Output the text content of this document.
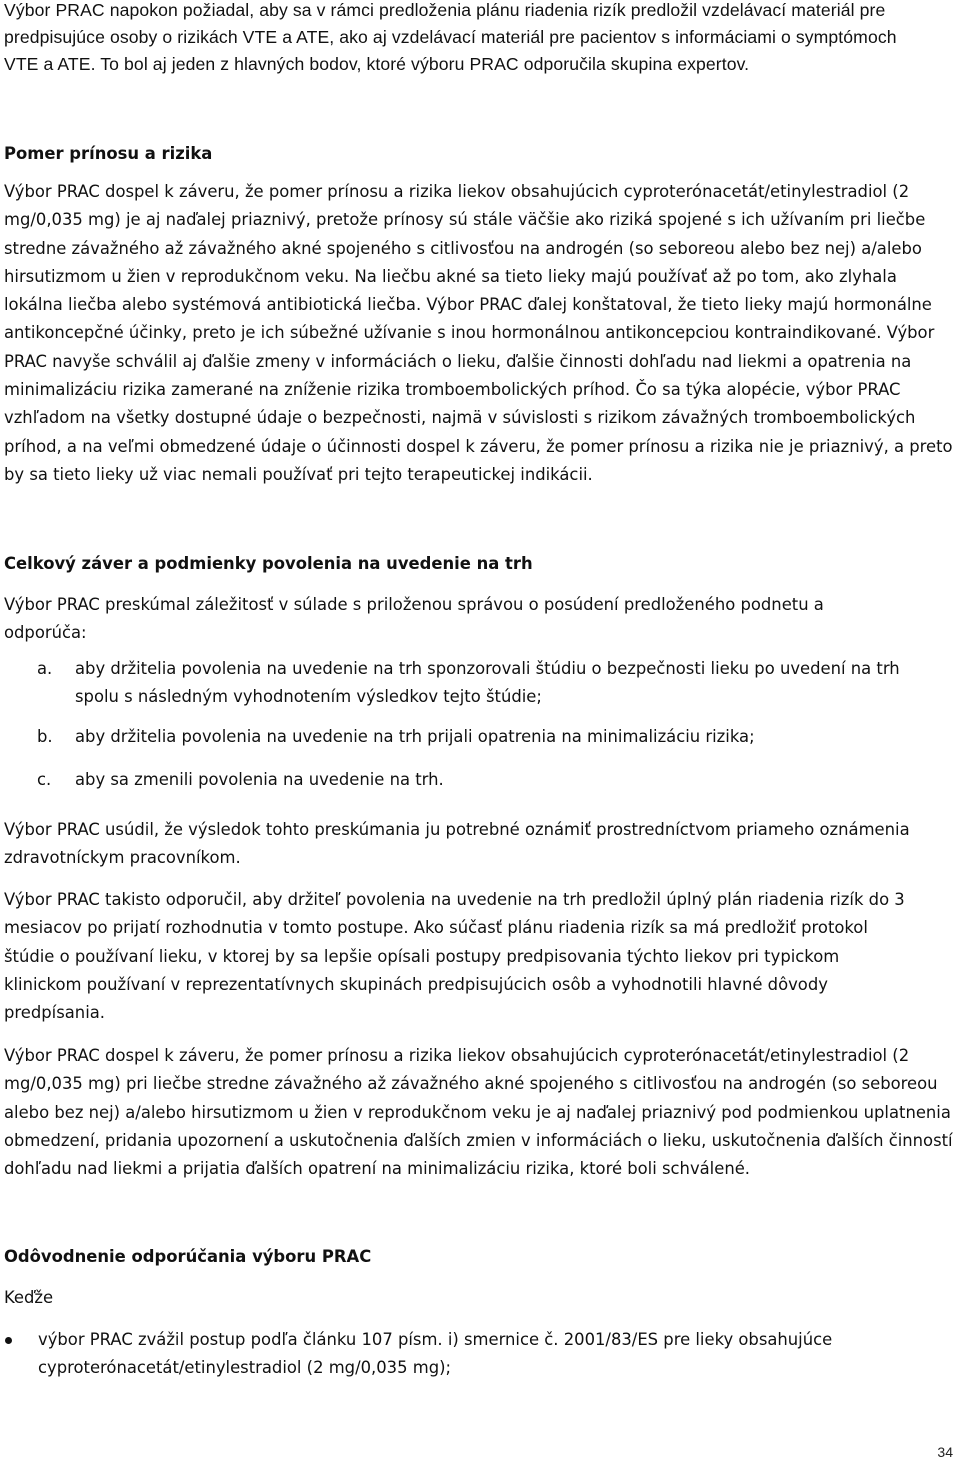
Výbor PRAC napokon požiadal, aby sa v rámci predloženia plánu riadenia rizík predložil vzdelávací materiál pre predpisujúce osoby o rizikách VTE a ATE, ako aj vzdelávací materiál pre pacientov s informáciami o symptómoch VTE a ATE. To bol aj jeden z hlavných bodov, ktoré výboru PRAC odporučila skupina expertov.

Pomer prínosu a rizika

Výbor PRAC dospel k záveru, že pomer prínosu a rizika liekov obsahujúcich cyproterónacetát/etinylestradiol (2 mg/0,035 mg) je aj naďalej priaznivý, pretože prínosy sú stále väčšie ako riziká spojené s ich užívaním pri liečbe stredne závažného až závažného akné spojeného s citlivosťou na androgén (so seboreou alebo bez nej) a/alebo hirsutizmom u žien v reprodukčnom veku. Na liečbu akné sa tieto lieky majú používať až po tom, ako zlyhala lokálna liečba alebo systémová antibiotická liečba. Výbor PRAC ďalej konštatoval, že tieto lieky majú hormonálne antikoncepčné účinky, preto je ich súbežné užívanie s inou hormonálnou antikoncepciou kontraindikované. Výbor PRAC navyše schválil aj ďalšie zmeny v informáciách o lieku, ďalšie činnosti dohľadu nad liekmi a opatrenia na minimalizáciu rizika zamerané na zníženie rizika tromboembolických príhod. Čo sa týka alopécie, výbor PRAC vzhľadom na všetky dostupné údaje o bezpečnosti, najmä v súvislosti s rizikom závažných tromboembolických príhod, a na veľmi obmedzené údaje o účinnosti dospel k záveru, že pomer prínosu a rizika nie je priaznivý, a preto by sa tieto lieky už viac nemali používať pri tejto terapeutickej indikácii.

Celkový záver a podmienky povolenia na uvedenie na trh

Výbor PRAC preskúmal záležitosť v súlade s priloženou správou o posúdení predloženého podnetu a odporúča:

a.	aby držitelia povolenia na uvedenie na trh sponzorovali štúdiu o bezpečnosti lieku po uvedení na trh spolu s následným vyhodnotením výsledkov tejto štúdie;
b.	aby držitelia povolenia na uvedenie na trh prijali opatrenia na minimalizáciu rizika;
c.	aby sa zmenili povolenia na uvedenie na trh.

Výbor PRAC usúdil, že výsledok tohto preskúmania ju potrebné oznámiť prostredníctvom priameho oznámenia zdravotníckym pracovníkom.

Výbor PRAC takisto odporučil, aby držiteľ povolenia na uvedenie na trh predložil úplný plán riadenia rizík do 3 mesiacov po prijatí rozhodnutia v tomto postupe. Ako súčasť plánu riadenia rizík sa má predložiť protokol štúdie o používaní lieku, v ktorej by sa lepšie opísali postupy predpisovania týchto liekov pri typickom klinickom používaní v reprezentatívnych skupinách predpisujúcich osôb a vyhodnotili hlavné dôvody predpísania.

Výbor PRAC dospel k záveru, že pomer prínosu a rizika liekov obsahujúcich cyproterónacetát/etinylestradiol (2 mg/0,035 mg) pri liečbe stredne závažného až závažného akné spojeného s citlivosťou na androgén (so seboreou alebo bez nej) a/alebo hirsutizmom u žien v reprodukčnom veku je aj naďalej priaznivý pod podmienkou uplatnenia obmedzení, pridania upozornení a uskutočnenia ďalších zmien v informáciách o lieku, uskutočnenia ďalších činností dohľadu nad liekmi a prijatia ďalších opatrení na minimalizáciu rizika, ktoré boli schválené.

Odôvodnenie odporúčania výboru PRAC

Keďže

výbor PRAC zvážil postup podľa článku 107 písm. i) smernice č. 2001/83/ES pre lieky obsahujúce cyproterónacetát/etinylestradiol (2 mg/0,035 mg);
34
